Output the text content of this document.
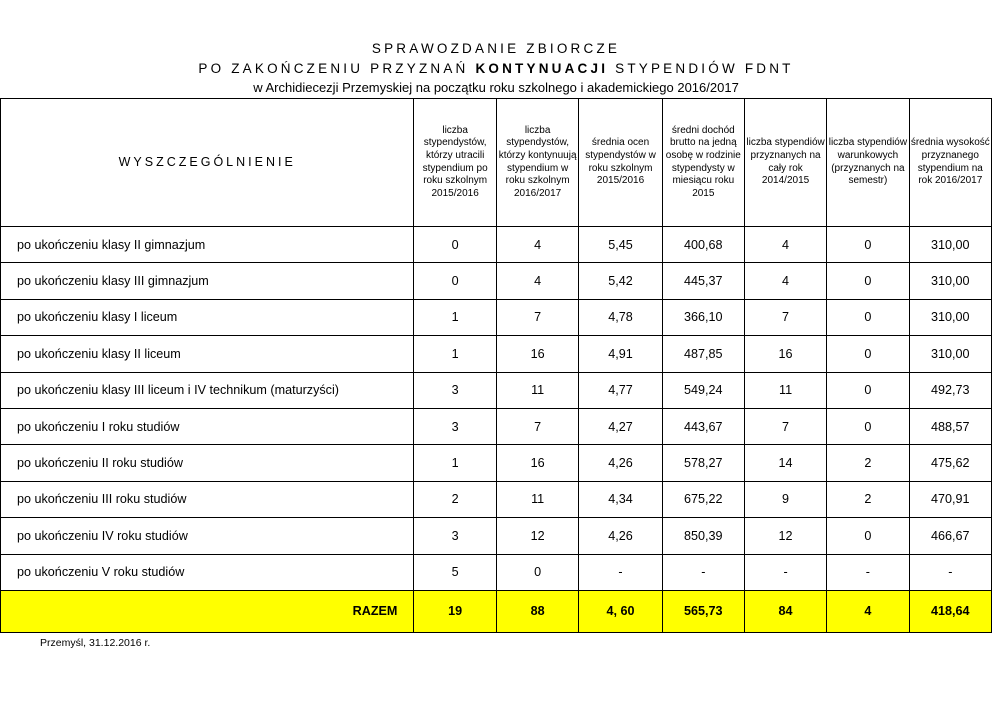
SPRAWOZDANIE ZBIORCZE
PO ZAKOŃCZENIU PRZYZNAŃ KONTYNUACJI STYPENDIÓW FDNT
w Archidiecezji Przemyskiej na początku roku szkolnego i akademickiego 2016/2017
WYSZCZEGÓLNIENIE	liczba stypendystów, którzy utracili stypendium po roku szkolnym 2015/2016	liczba stypendystów, którzy kontynuują stypendium w roku szkolnym 2016/2017	średnia ocen stypendystów w roku szkolnym 2015/2016	średni dochód brutto na jedną osobę w rodzinie stypendysty w miesiącu roku 2015	liczba stypendiów przyznanych na cały rok 2014/2015	liczba stypendiów warunkowych (przyznanych na semestr)	średnia wysokość przyznanego stypendium na rok 2016/2017
po ukończeniu klasy II gimnazjum	0	4	5,45	400,68	4	0	310,00
po ukończeniu klasy III gimnazjum	0	4	5,42	445,37	4	0	310,00
po ukończeniu klasy I liceum	1	7	4,78	366,10	7	0	310,00
po ukończeniu klasy II liceum	1	16	4,91	487,85	16	0	310,00
po ukończeniu klasy III liceum i IV technikum (maturzyści)	3	11	4,77	549,24	11	0	492,73
po ukończeniu I roku studiów	3	7	4,27	443,67	7	0	488,57
po ukończeniu II roku studiów	1	16	4,26	578,27	14	2	475,62
po ukończeniu III roku studiów	2	11	4,34	675,22	9	2	470,91
po ukończeniu IV roku studiów	3	12	4,26	850,39	12	0	466,67
po ukończeniu V roku studiów	5	0	-	-	-	-	-
RAZEM	19	88	4, 60	565,73	84	4	418,64
Przemyśl, 31.12.2016 r.
